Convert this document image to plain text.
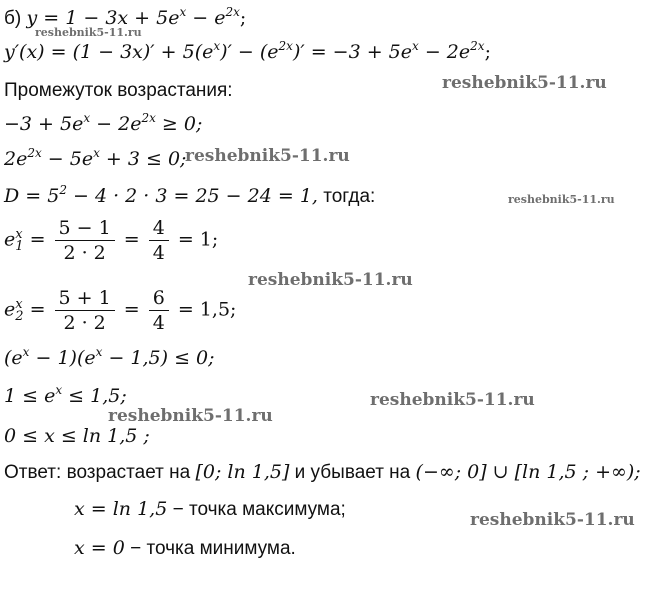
б) $y = 1 - 3x + 5e^x - e^{2x}$;
$y'(x) = (1 - 3x)' + 5(e^x)' - (e^{2x})' = -3 + 5e^x - 2e^{2x}$;
Промежуток возрастания:
$-3 + 5e^x - 2e^{2x} \ge 0$;
$2e^{2x} - 5e^x + 3 \le 0$;
$D = 5^2 - 4 \cdot 2 \cdot 3 = 25 - 24 = 1$, тогда:
e x
$1 = \frac{5 - 1}{2 \cdot 2} = \frac{4}{4} = 1$;
e x
$2 = \frac{5 + 1}{2 \cdot 2} = \frac{6}{4} = 1,5$;
$(e^x - 1)(e^x - 1,5) \le 0$;
$1 \le e^x \le 1,5$;
0 ≤ x ≤ ln 1,5 ;
Ответ: возрастает на [0; ln 1,5] и убывает на (−∞; 0] ∪ [ln 1,5 ; +∞);
x = ln 1,5 − точка максимума;
x = 0 − точка минимума.
reshebnik5-11.ru
reshebnik5-11.ru
reshebnik5-11.ru
reshebnik5-11.ru
reshebnik5-11.ru
reshebnik5-11.ru
reshebnik5-11.ru
reshebnik5-11.ru
